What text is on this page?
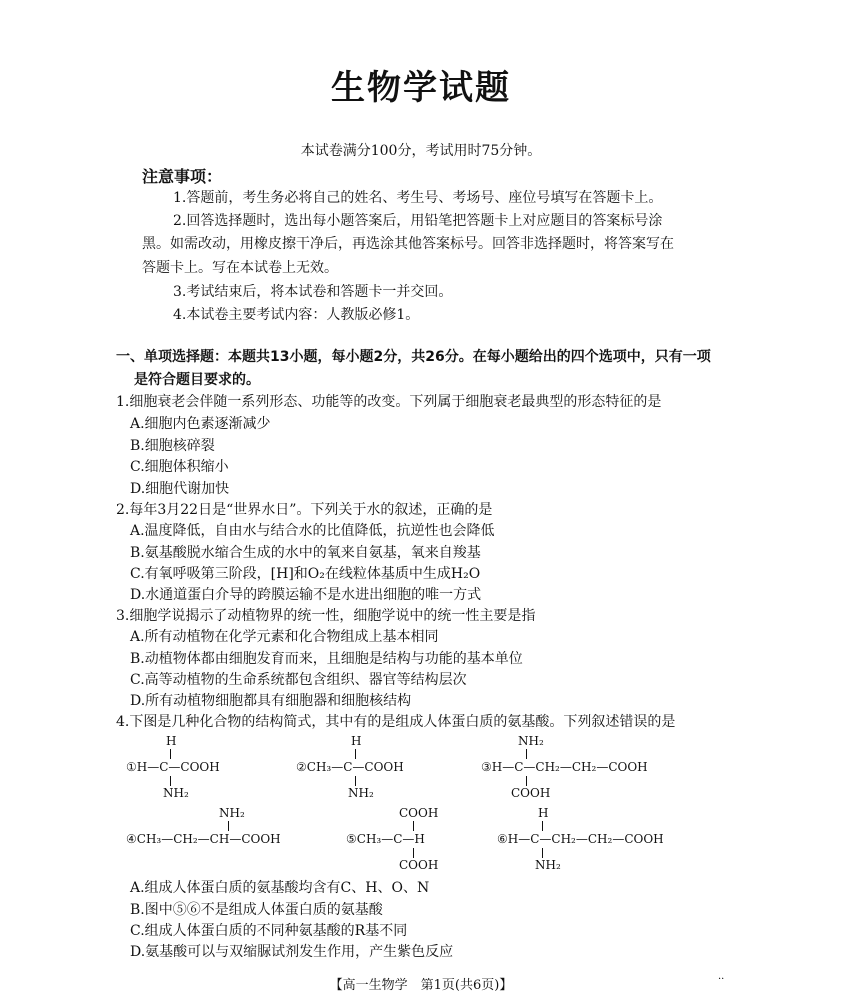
生物学试题
本试卷满分100分，考试用时75分钟。
注意事项：
1.答题前，考生务必将自己的姓名、考生号、考场号、座位号填写在答题卡上。
2.回答选择题时，选出每小题答案后，用铅笔把答题卡上对应题目的答案标号涂
黑。如需改动，用橡皮擦干净后，再选涂其他答案标号。回答非选择题时，将答案写在
答题卡上。写在本试卷上无效。
3.考试结束后，将本试卷和答题卡一并交回。
4.本试卷主要考试内容：人教版必修1。
一、单项选择题：本题共13小题，每小题2分，共26分。在每小题给出的四个选项中，只有一项
是符合题目要求的。
1.细胞衰老会伴随一系列形态、功能等的改变。下列属于细胞衰老最典型的形态特征的是
A.细胞内色素逐渐减少
B.细胞核碎裂
C.细胞体积缩小
D.细胞代谢加快
2.每年3月22日是“世界水日”。下列关于水的叙述，正确的是
A.温度降低，自由水与结合水的比值降低，抗逆性也会降低
B.氨基酸脱水缩合生成的水中的氧来自氨基，氧来自羧基
C.有氧呼吸第三阶段，[H]和O₂在线粒体基质中生成H₂O
D.水通道蛋白介导的跨膜运输不是水进出细胞的唯一方式
3.细胞学说揭示了动植物界的统一性，细胞学说中的统一性主要是指
A.所有动植物在化学元素和化合物组成上基本相同
B.动植物体都由细胞发育而来，且细胞是结构与功能的基本单位
C.高等动植物的生命系统都包含组织、器官等结构层次
D.所有动植物细胞都具有细胞器和细胞核结构
4.下图是几种化合物的结构简式，其中有的是组成人体蛋白质的氨基酸。下列叙述错误的是
H
①H—C—COOH
NH₂
H
②CH₃—C—COOH
NH₂
NH₂
③H—C—CH₂—CH₂—COOH
COOH
NH₂
④CH₃—CH₂—CH—COOH
COOH
⑤CH₃—C—H
COOH
H
⑥H—C—CH₂—CH₂—COOH
NH₂
A.组成人体蛋白质的氨基酸均含有C、H、O、N
B.图中⑤⑥不是组成人体蛋白质的氨基酸
C.组成人体蛋白质的不同种氨基酸的R基不同
D.氨基酸可以与双缩脲试剂发生作用，产生紫色反应
【高一生物学　第1页(共6页)】	··
